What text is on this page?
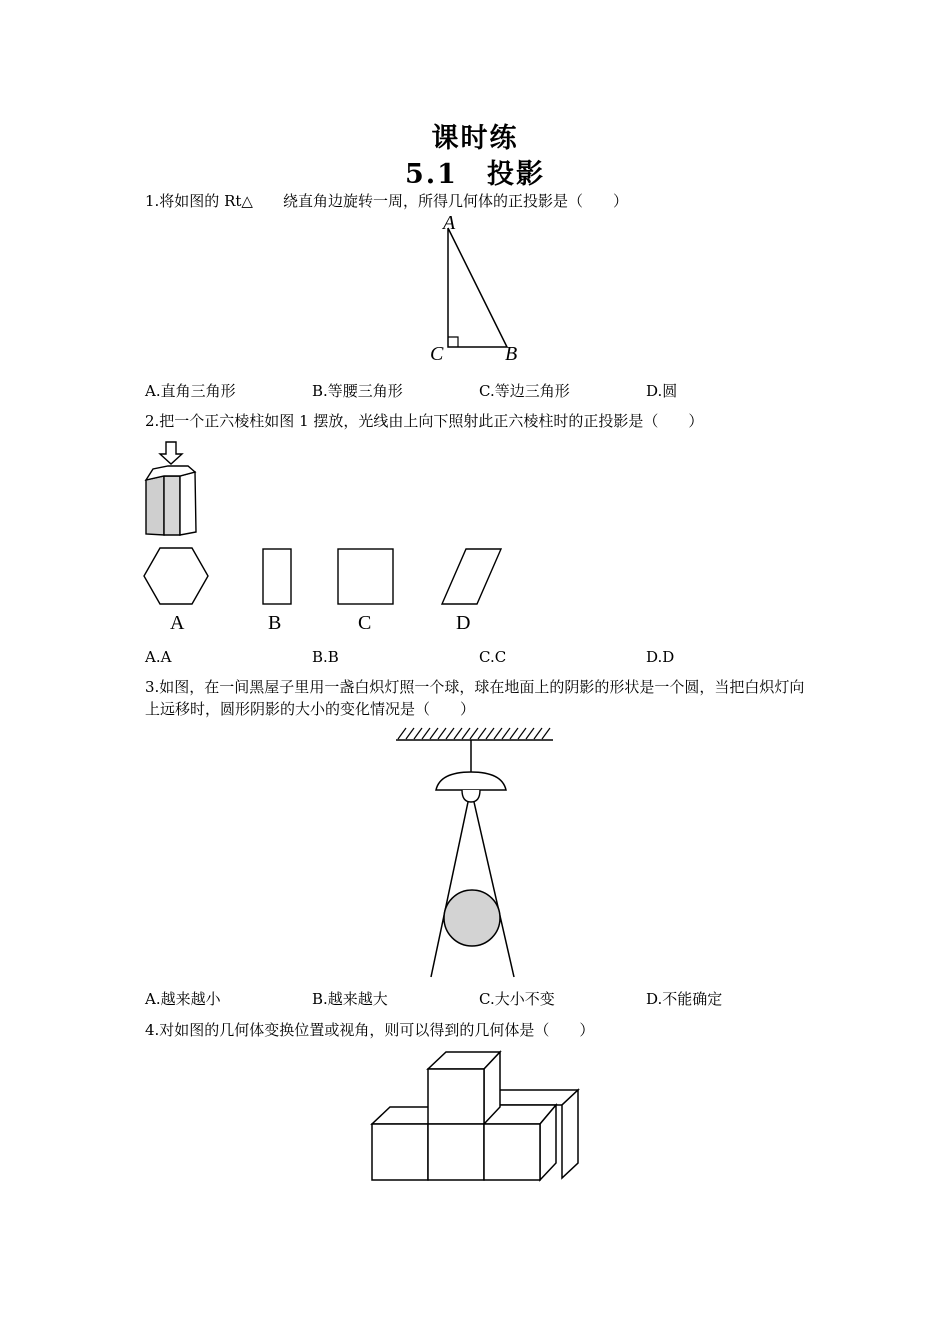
课时练
5.1　投影
1.将如图的 Rt△ 绕直角边旋转一周，所得几何体的正投影是（　　）
A
C	B
A.直角三角形	B.等腰三角形	C.等边三角形	D.圆
2.把一个正六棱柱如图 1 摆放，光线由上向下照射此正六棱柱时的正投影是（　　）
A	B	C	D
A.A	B.B	C.C	D.D
3.如图，在一间黑屋子里用一盏白炽灯照一个球，球在地面上的阴影的形状是一个圆，当把白炽灯向上远移时，圆形阴影的大小的变化情况是（　　）
A.越来越小	B.越来越大	C.大小不变	D.不能确定
4.对如图的几何体变换位置或视角，则可以得到的几何体是（　　）
